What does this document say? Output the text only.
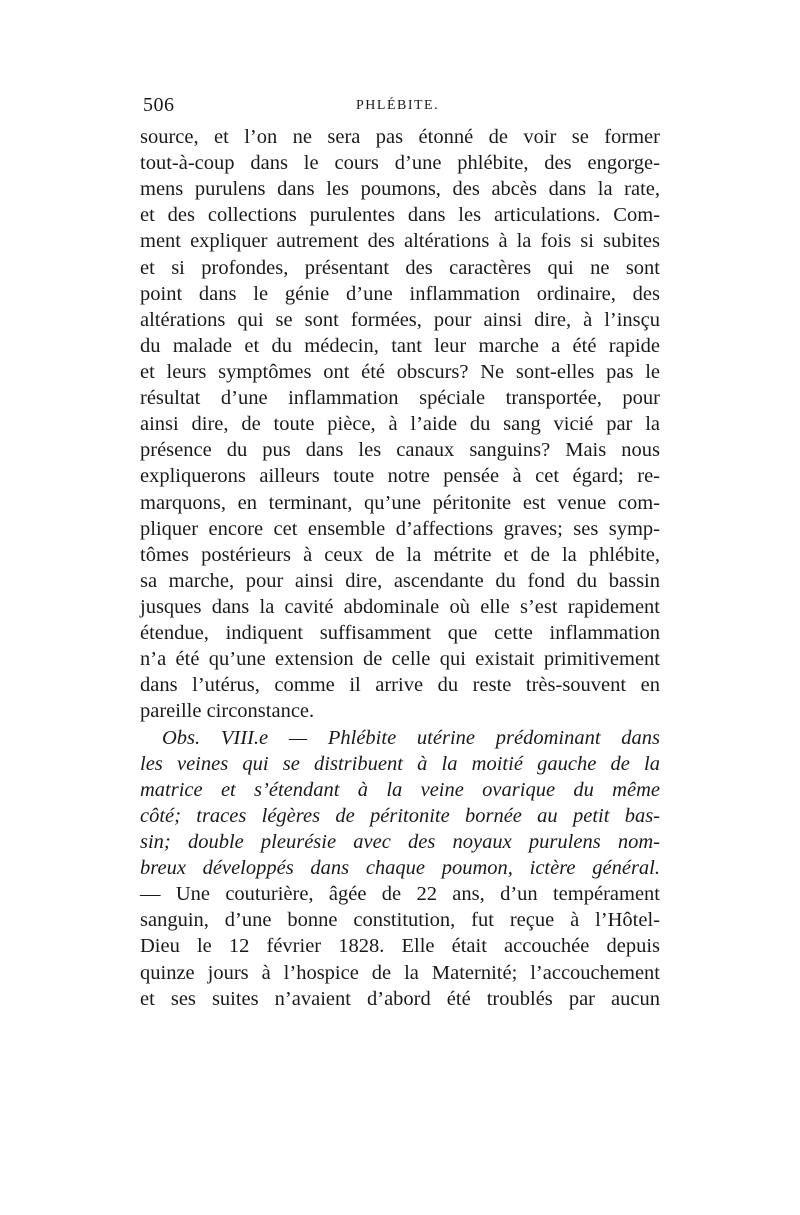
506	PHLÉBITE.
source, et l’on ne sera pas étonné de voir se former
tout-à-coup dans le cours d’une phlébite, des engorge-
mens purulens dans les poumons, des abcès dans la rate,
et des collections purulentes dans les articulations. Com-
ment expliquer autrement des altérations à la fois si subites
et si profondes, présentant des caractères qui ne sont
point dans le génie d’une inflammation ordinaire, des
altérations qui se sont formées, pour ainsi dire, à l’insçu
du malade et du médecin, tant leur marche a été rapide
et leurs symptômes ont été obscurs? Ne sont-elles pas le
résultat d’une inflammation spéciale transportée, pour
ainsi dire, de toute pièce, à l’aide du sang vicié par la
présence du pus dans les canaux sanguins? Mais nous
expliquerons ailleurs toute notre pensée à cet égard; re-
marquons, en terminant, qu’une péritonite est venue com-
pliquer encore cet ensemble d’affections graves; ses symp-
tômes postérieurs à ceux de la métrite et de la phlébite,
sa marche, pour ainsi dire, ascendante du fond du bassin
jusques dans la cavité abdominale où elle s’est rapidement
étendue, indiquent suffisamment que cette inflammation
n’a été qu’une extension de celle qui existait primitivement
dans l’utérus, comme il arrive du reste très-souvent en
pareille circonstance.
Obs. VIII.e — Phlébite utérine prédominant dans
les veines qui se distribuent à la moitié gauche de la
matrice et s’étendant à la veine ovarique du même
côté; traces légères de péritonite bornée au petit bas-
sin; double pleurésie avec des noyaux purulens nom-
breux développés dans chaque poumon, ictère général.
— Une couturière, âgée de 22 ans, d’un tempérament
sanguin, d’une bonne constitution, fut reçue à l’Hôtel-
Dieu le 12 février 1828. Elle était accouchée depuis
quinze jours à l’hospice de la Maternité; l’accouchement
et ses suites n’avaient d’abord été troublés par aucun
